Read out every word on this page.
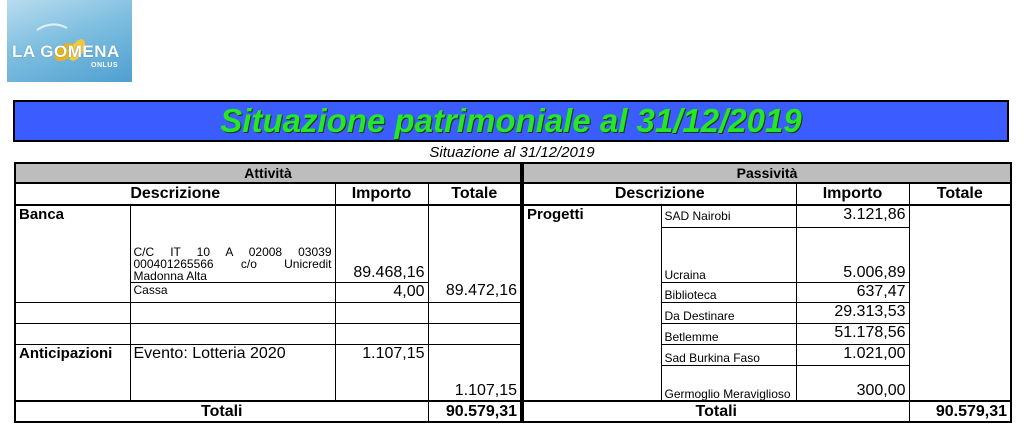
LA GOMENA
ONLUS
Situazione patrimoniale al 31/12/2019
Situazione al 31/12/2019
Attività			
Descrizione		Importo	Totale
Banca	C/C IT 10 A 02008 03039 000401265566 c/o Unicredit Madonna Alta	89.468,16	
	Cassa	4,00	89.472,16

Anticipazioni	Evento: Lotteria 2020	1.107,15	1.107,15
Totali			90.579,31
Passività			
Descrizione		Importo	Totale
Progetti	SAD Nairobi	3.121,86	
	Ucraina	5.006,89	
	Biblioteca	637,47	
	Da Destinare	29.313,53	
	Betlemme	51.178,56	
	Sad Burkina Faso	1.021,00	
	Germoglio Meraviglioso	300,00	
Totali			90.579,31
